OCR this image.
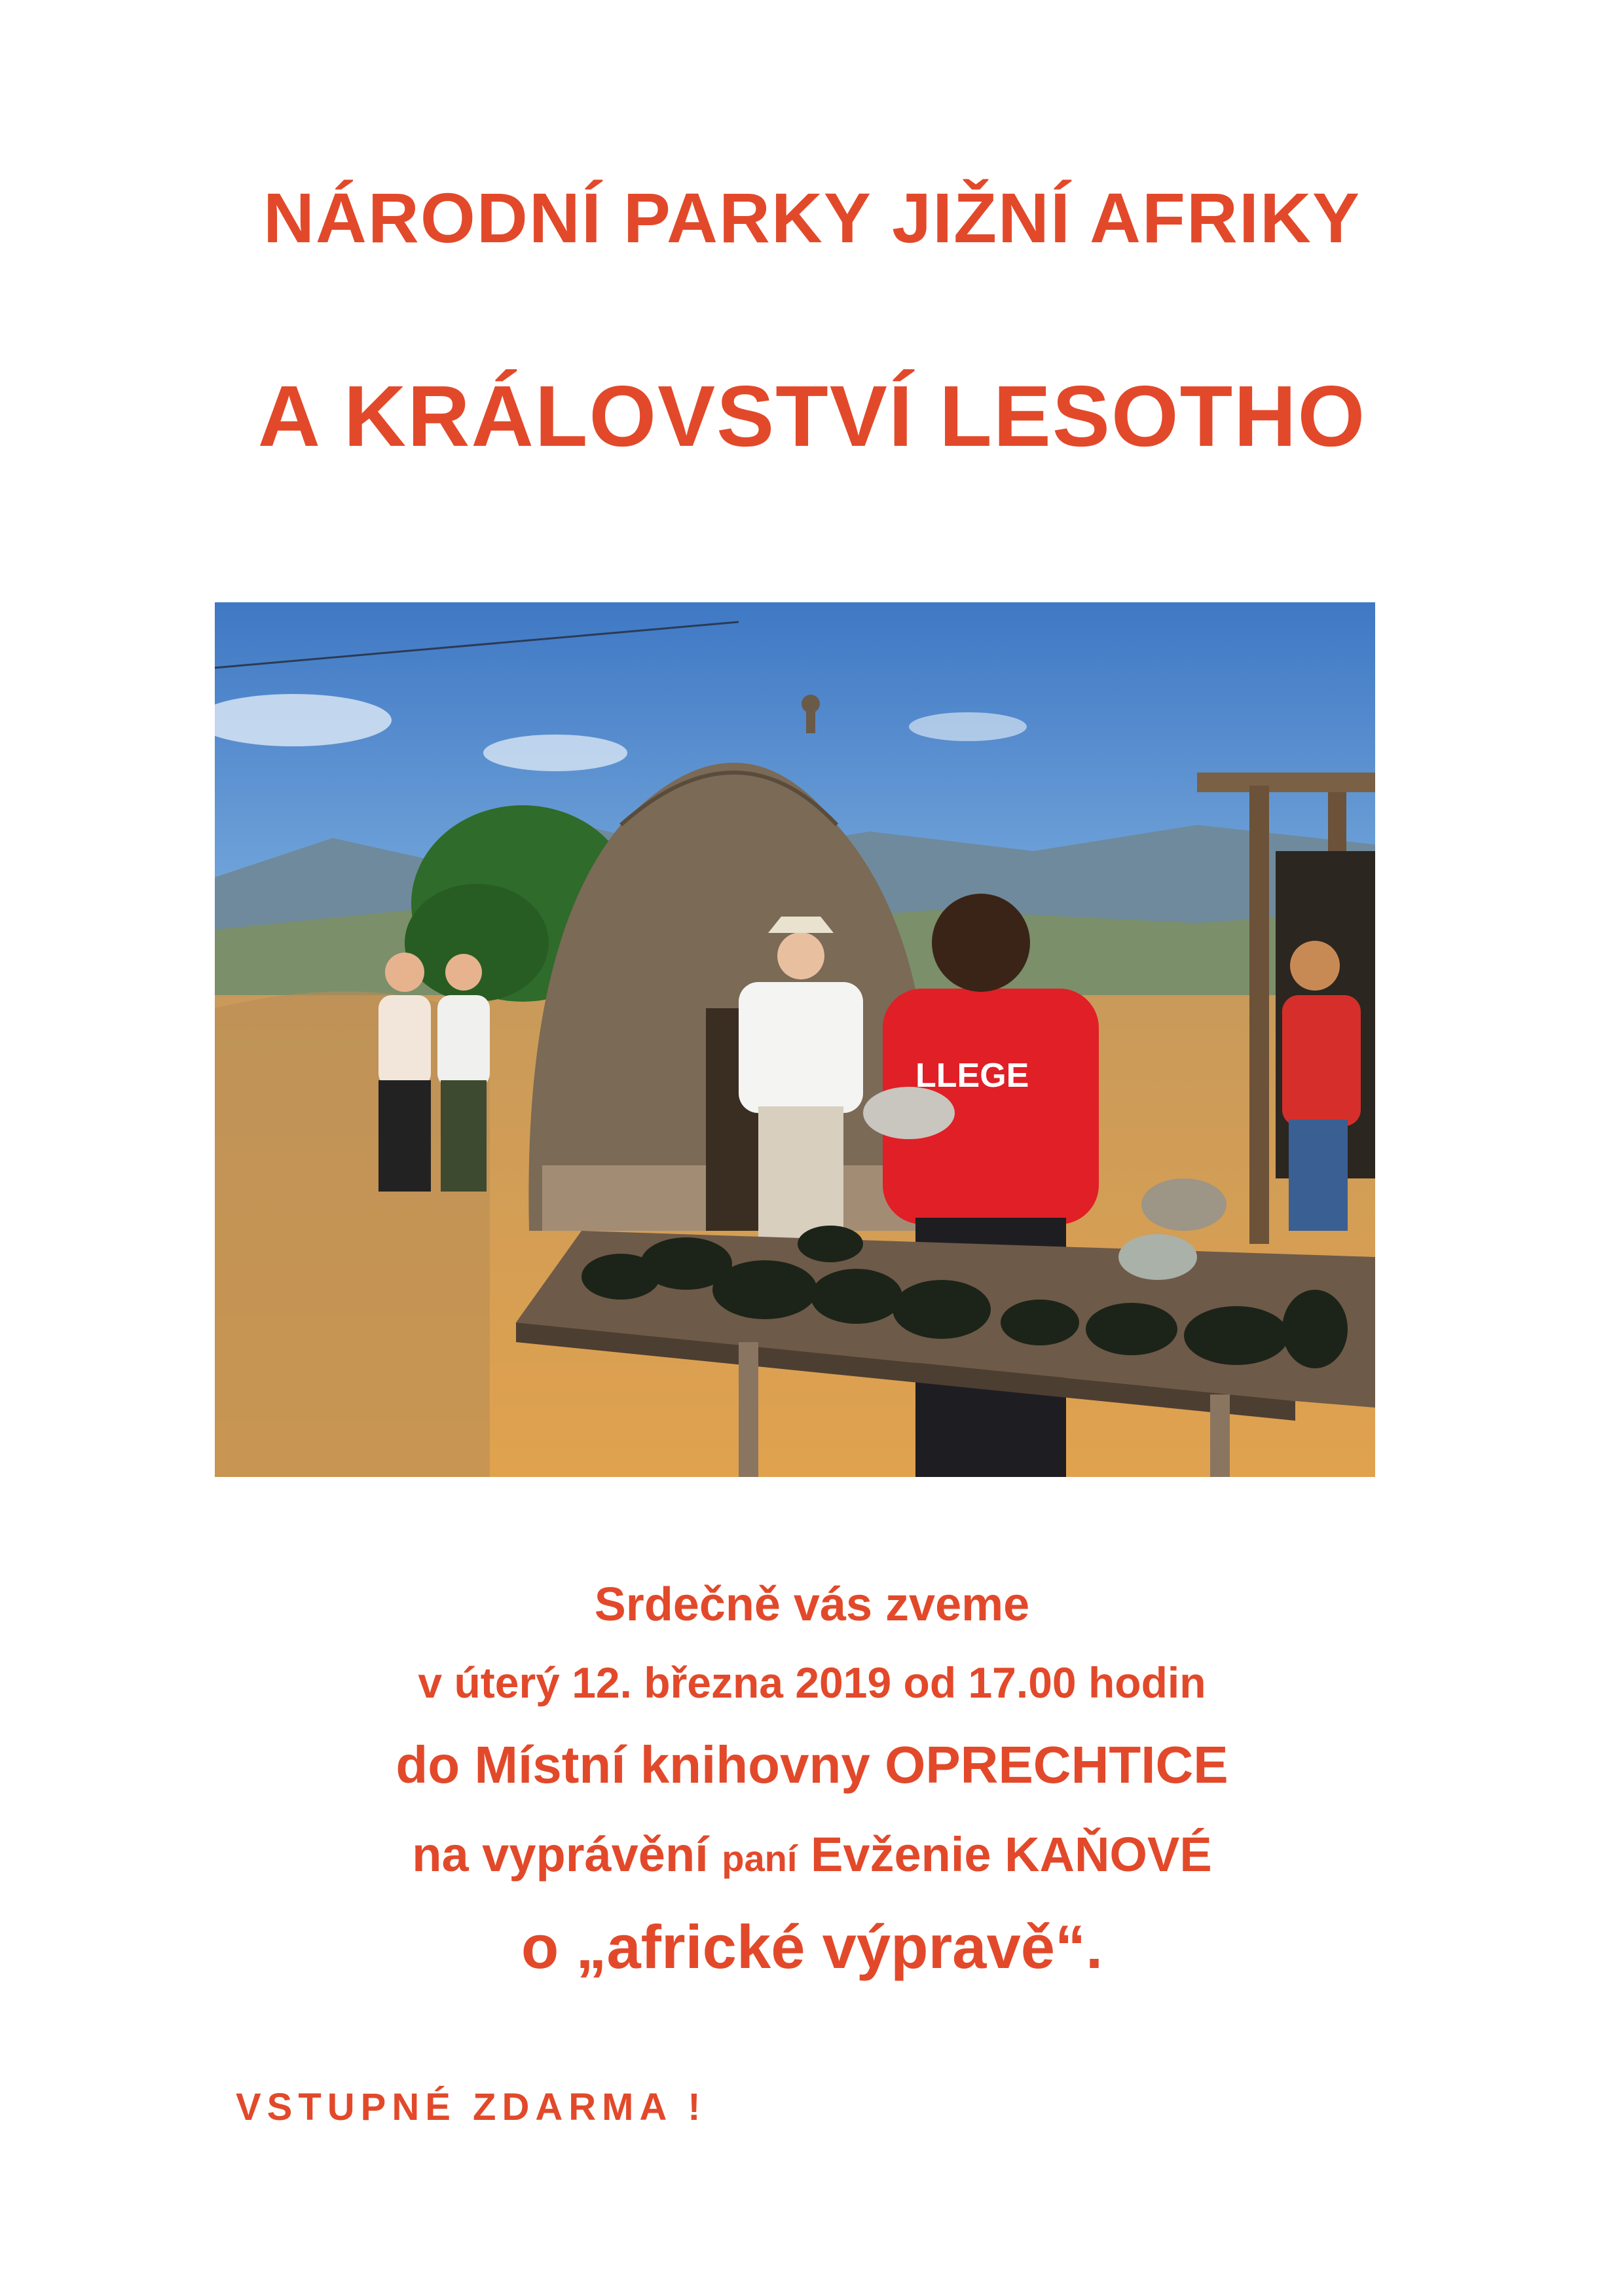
NÁRODNÍ PARKY JIŽNÍ AFRIKY
A KRÁLOVSTVÍ LESOTHO
LLEGE
Srdečně vás zveme
v úterý 12. března 2019 od 17.00 hodin
do Místní knihovny OPRECHTICE
na vyprávění paní Evženie KAŇOVÉ
o „africké výpravě“.
VSTUPNÉ ZDARMA !
